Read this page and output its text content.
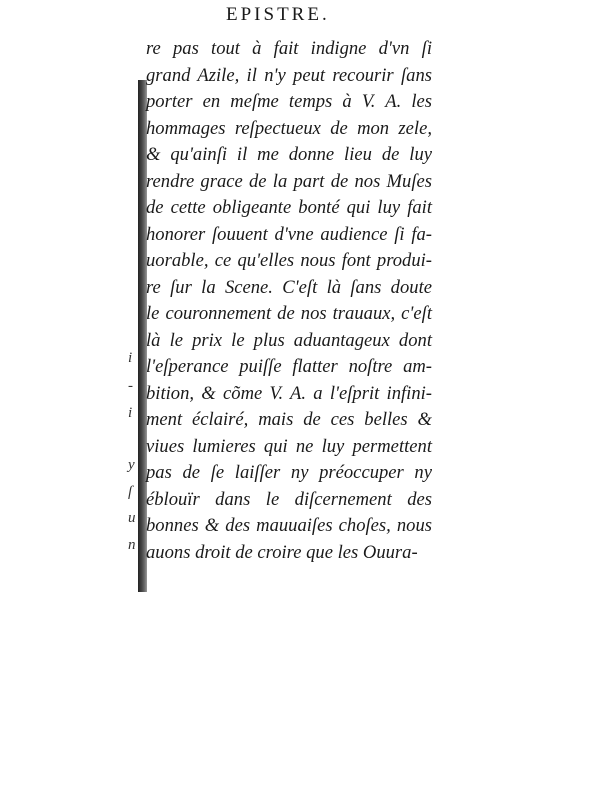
EPISTRE.
i
-
i
y
ſ
u
n
re pas tout à fait indigne d'vn ſi
grand Azile, il n'y peut recourir ſans
porter en meſme temps à V. A. les
hommages reſpectueux de mon zele,
& qu'ainſi il me donne lieu de luy
rendre grace de la part de nos Muſes
de cette obligeante bonté qui luy fait
honorer ſouuent d'vne audience ſi fa-
uorable, ce qu'elles nous font produi-
re ſur la Scene. C'eſt là ſans doute
le couronnement de nos trauaux, c'eſt
là le prix le plus aduantageux dont
l'eſperance puiſſe flatter noſtre am-
bition, & cõme V. A. a l'eſprit infini-
ment éclairé, mais de ces belles &
viues lumieres qui ne luy permettent
pas de ſe laiſſer ny préoccuper ny
éblouïr dans le diſcernement des
bonnes & des mauuaiſes choſes, nous
auons droit de croire que les Ouura-
